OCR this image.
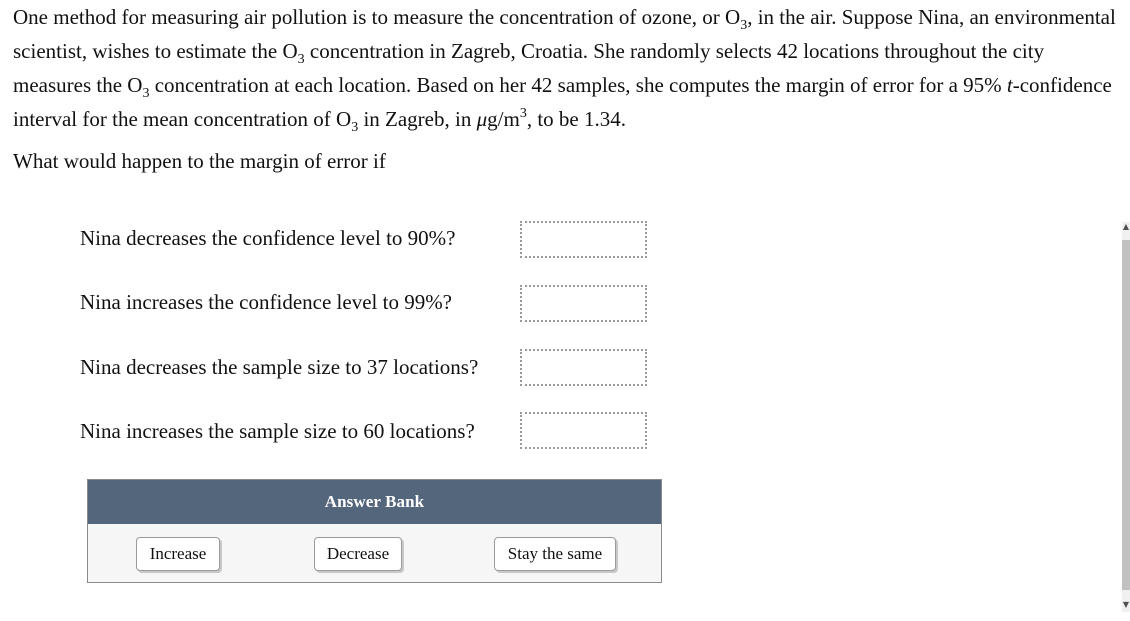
One method for measuring air pollution is to measure the concentration of ozone, or $O_3$, in the air. Suppose Nina, an environmental scientist, wishes to estimate the $O_3$ concentration in Zagreb, Croatia. She randomly selects 42 locations throughout the city measures the $O_3$ concentration at each location. Based on her 42 samples, she computes the margin of error for a 95% t-confidence interval for the mean concentration of $O_3$ in Zagreb, in $\mu g/m^3$, to be 1.34.

What would happen to the margin of error if

Nina decreases the confidence level to 90%?
Nina increases the confidence level to 99%?
Nina decreases the sample size to 37 locations?
Nina increases the sample size to 60 locations?
Answer Bank
Increase	Decrease	Stay the same
▲
▼
